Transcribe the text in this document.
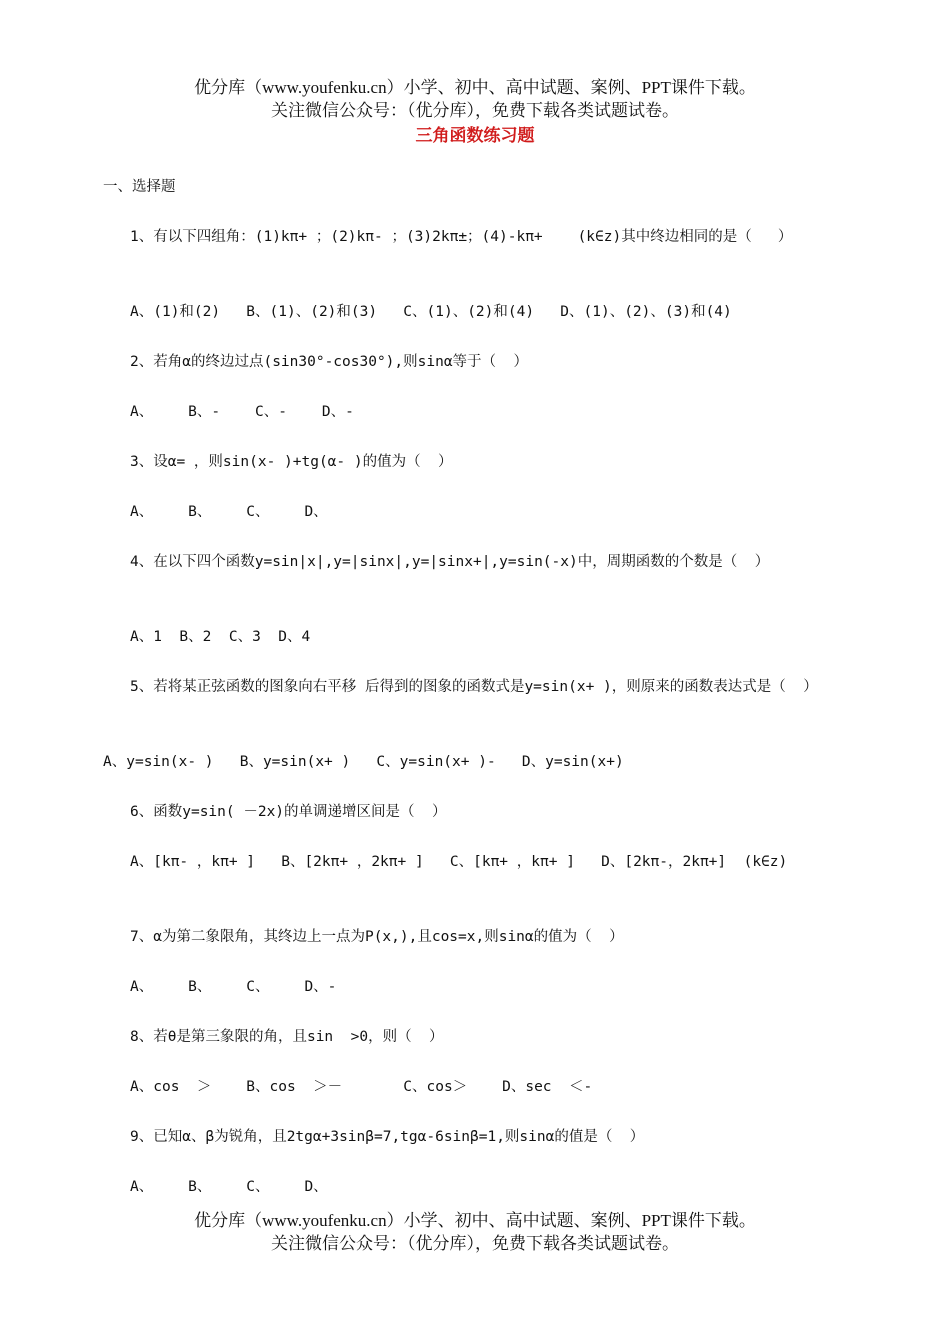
优分库（www.youfenku.cn）小学、初中、高中试题、案例、PPT课件下载。
关注微信公众号：（优分库），免费下载各类试题试卷。
三角函数练习题
一、选择题
1、有以下四组角：(1)kπ+ ；(2)kπ- ；(3)2kπ±；(4)-kπ+    (k∈z)其中终边相同的是（   ）
A、(1)和(2)   B、(1)、(2)和(3)   C、(1)、(2)和(4)   D、(1)、(2)、(3)和(4)
2、若角α的终边过点(sin30°-cos30°),则sinα等于（  ）
A、    B、-    C、-    D、-
3、设α= ，则sin(x- )+tg(α- )的值为（  ）
A、    B、    C、    D、
4、在以下四个函数y=sin|x|,y=|sinx|,y=|sinx+|,y=sin(-x)中，周期函数的个数是（  ）
A、1  B、2  C、3  D、4
5、若将某正弦函数的图象向右平移 后得到的图象的函数式是y=sin(x+ )，则原来的函数表达式是（  ）
A、y=sin(x- )   B、y=sin(x+ )   C、y=sin(x+ )-   D、y=sin(x+)
6、函数y=sin( －2x)的单调递增区间是（  ）
A、[kπ- ，kπ+ ]   B、[2kπ+ ，2kπ+ ]   C、[kπ+ ，kπ+ ]   D、[2kπ-，2kπ+]  (k∈z)
7、α为第二象限角，其终边上一点为P(x,),且cos=x,则sinα的值为（  ）
A、    B、    C、    D、-
8、若θ是第三象限的角，且sin  >0，则（  ）
A、cos  ＞    B、cos  ＞－       C、cos＞    D、sec  ＜-
9、已知α、β为锐角，且2tgα+3sinβ=7,tgα-6sinβ=1,则sinα的值是（  ）
A、    B、    C、    D、
优分库（www.youfenku.cn）小学、初中、高中试题、案例、PPT课件下载。
关注微信公众号：（优分库），免费下载各类试题试卷。
